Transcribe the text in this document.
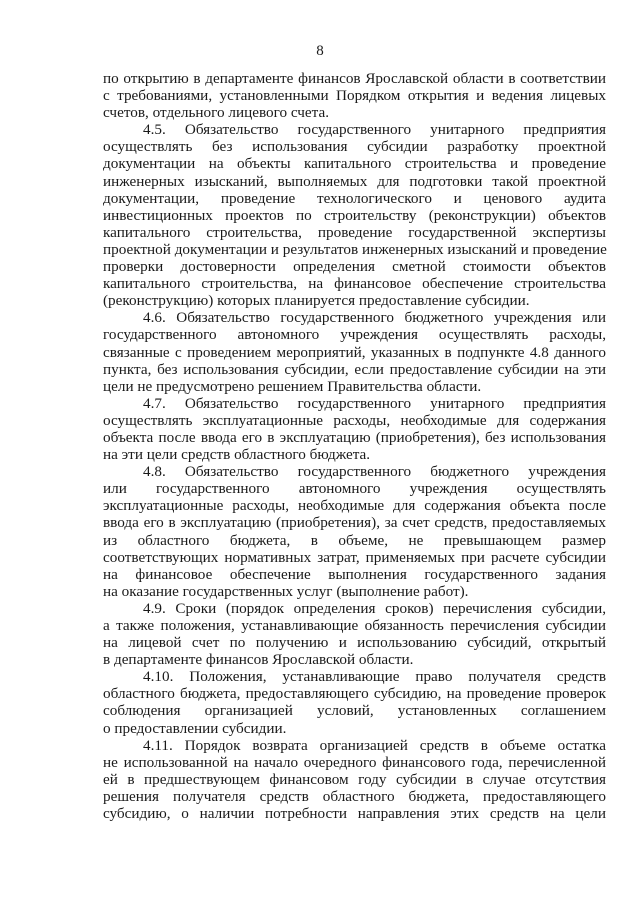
8
по открытию в департаменте финансов Ярославской области в соответствии
с требованиями, установленными Порядком открытия и ведения лицевых
счетов, отдельного лицевого счета.
4.5. Обязательство государственного унитарного предприятия
осуществлять без использования субсидии разработку проектной
документации на объекты капитального строительства и проведение
инженерных изысканий, выполняемых для подготовки такой проектной
документации, проведение технологического и ценового аудита
инвестиционных проектов по строительству (реконструкции) объектов
капитального строительства, проведение государственной экспертизы
проектной документации и результатов инженерных изысканий и проведение
проверки достоверности определения сметной стоимости объектов
капитального строительства, на финансовое обеспечение строительства
(реконструкцию) которых планируется предоставление субсидии.
4.6. Обязательство государственного бюджетного учреждения или
государственного автономного учреждения осуществлять расходы,
связанные с проведением мероприятий, указанных в подпункте 4.8 данного
пункта, без использования субсидии, если предоставление субсидии на эти
цели не предусмотрено решением Правительства области.
4.7. Обязательство государственного унитарного предприятия
осуществлять эксплуатационные расходы, необходимые для содержания
объекта после ввода его в эксплуатацию (приобретения), без использования
на эти цели средств областного бюджета.
4.8. Обязательство государственного бюджетного учреждения
или государственного автономного учреждения осуществлять
эксплуатационные расходы, необходимые для содержания объекта после
ввода его в эксплуатацию (приобретения), за счет средств, предоставляемых
из областного бюджета, в объеме, не превышающем размер
соответствующих нормативных затрат, применяемых при расчете субсидии
на финансовое обеспечение выполнения государственного задания
на оказание государственных услуг (выполнение работ).
4.9. Сроки (порядок определения сроков) перечисления субсидии,
а также положения, устанавливающие обязанность перечисления субсидии
на лицевой счет по получению и использованию субсидий, открытый
в департаменте финансов Ярославской области.
4.10. Положения, устанавливающие право получателя средств
областного бюджета, предоставляющего субсидию, на проведение проверок
соблюдения организацией условий, установленных соглашением
о предоставлении субсидии.
4.11. Порядок возврата организацией средств в объеме остатка
не использованной на начало очередного финансового года, перечисленной
ей в предшествующем финансовом году субсидии в случае отсутствия
решения получателя средств областного бюджета, предоставляющего
субсидию, о наличии потребности направления этих средств на цели
